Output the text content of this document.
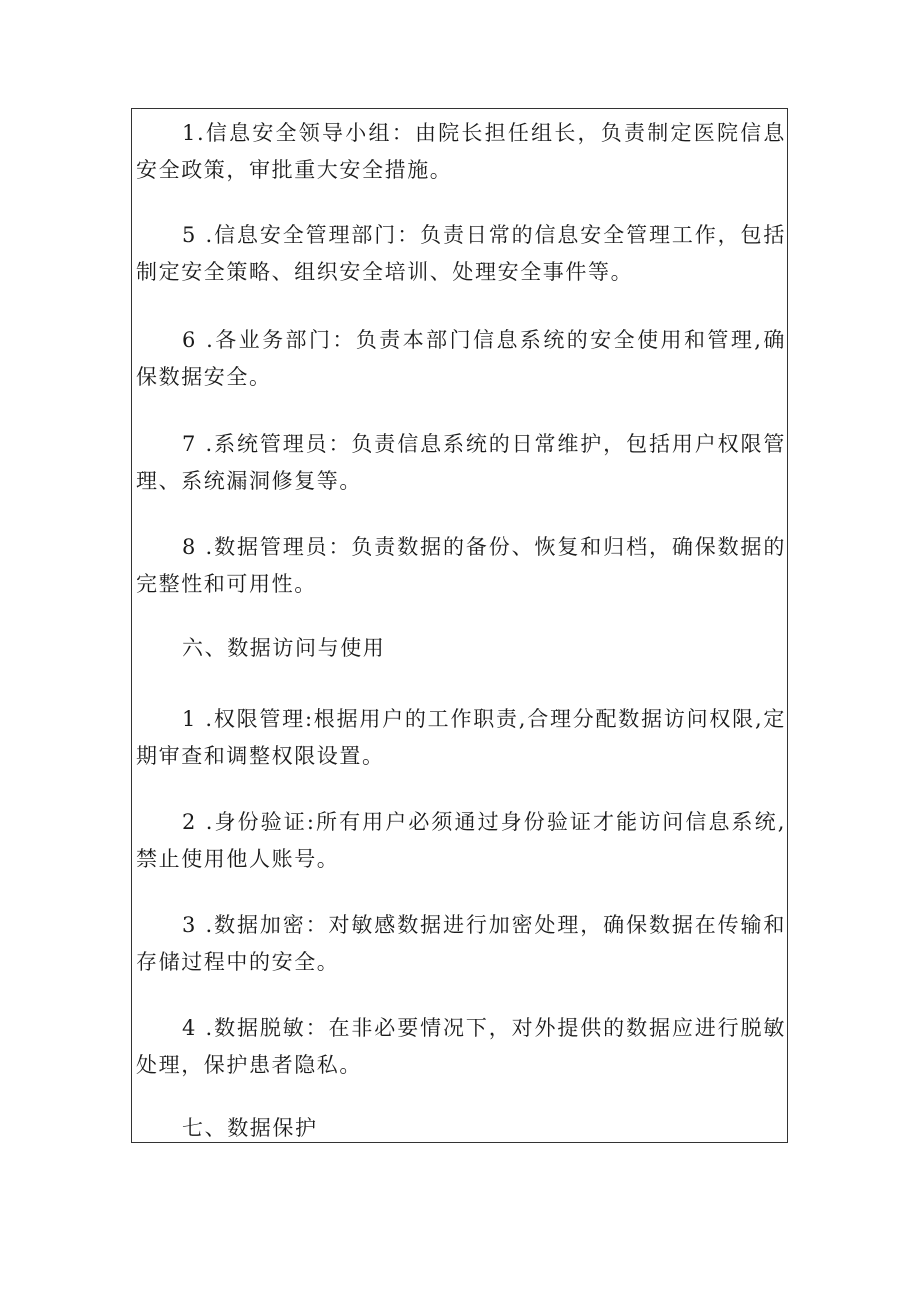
1.信息安全领导小组：由院长担任组长，负责制定医院信息安全政策，审批重大安全措施。

5 .信息安全管理部门：负责日常的信息安全管理工作，包括制定安全策略、组织安全培训、处理安全事件等。

6 .各业务部门：负责本部门信息系统的安全使用和管理,确保数据安全。

7 .系统管理员：负责信息系统的日常维护，包括用户权限管理、系统漏洞修复等。

8 .数据管理员：负责数据的备份、恢复和归档，确保数据的完整性和可用性。

六、数据访问与使用

1 .权限管理:根据用户的工作职责,合理分配数据访问权限,定期审查和调整权限设置。

2 .身份验证:所有用户必须通过身份验证才能访问信息系统,禁止使用他人账号。

3 .数据加密：对敏感数据进行加密处理，确保数据在传输和存储过程中的安全。

4 .数据脱敏：在非必要情况下，对外提供的数据应进行脱敏处理，保护患者隐私。

七、数据保护
